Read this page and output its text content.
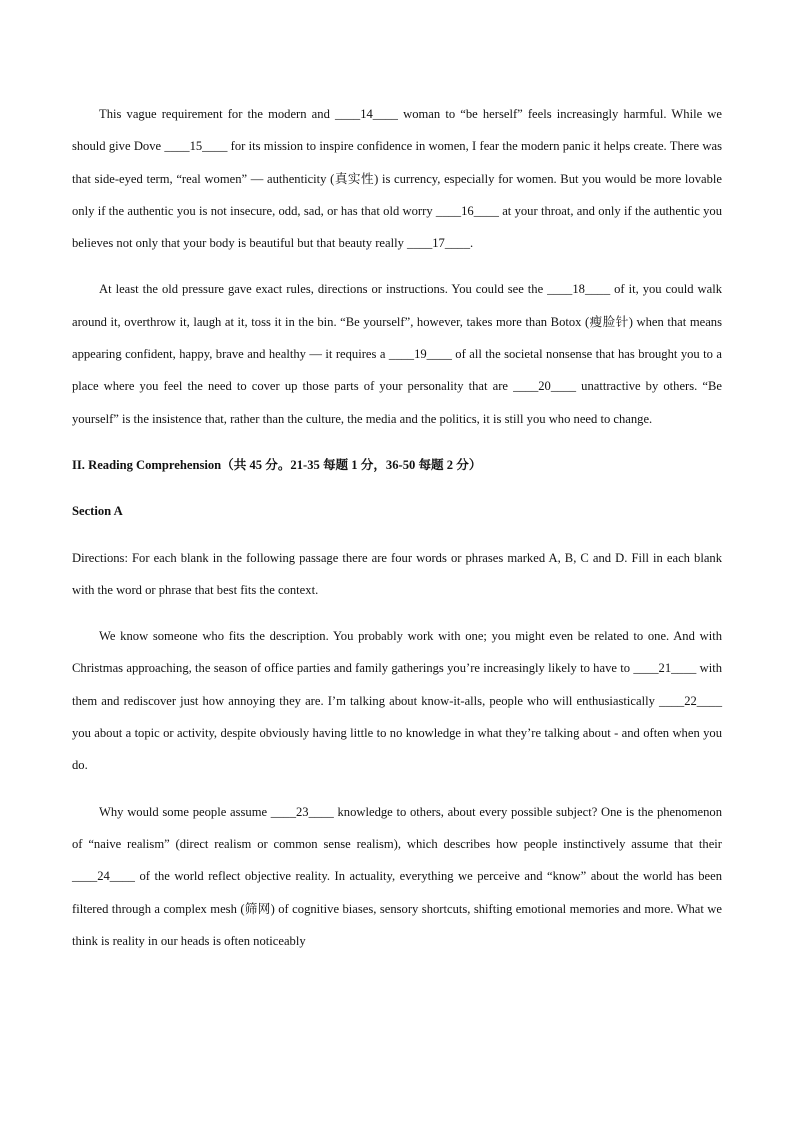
This vague requirement for the modern and ____14____ woman to “be herself” feels increasingly harmful. While we should give Dove ____15____ for its mission to inspire confidence in women, I fear the modern panic it helps create. There was that side-eyed term, “real women” — authenticity (真实性) is currency, especially for women. But you would be more lovable only if the authentic you is not insecure, odd, sad, or has that old worry ____16____ at your throat, and only if the authentic you believes not only that your body is beautiful but that beauty really ____17____.

At least the old pressure gave exact rules, directions or instructions. You could see the ____18____ of it, you could walk around it, overthrow it, laugh at it, toss it in the bin. “Be yourself”, however, takes more than Botox (瘦脸针) when that means appearing confident, happy, brave and healthy — it requires a ____19____ of all the societal nonsense that has brought you to a place where you feel the need to cover up those parts of your personality that are ____20____ unattractive by others. “Be yourself” is the insistence that, rather than the culture, the media and the politics, it is still you who need to change.

II. Reading Comprehension（共 45 分。21-35 每题 1 分，36-50 每题 2 分）

Section A

Directions: For each blank in the following passage there are four words or phrases marked A, B, C and D. Fill in each blank with the word or phrase that best fits the context.

We know someone who fits the description. You probably work with one; you might even be related to one. And with Christmas approaching, the season of office parties and family gatherings you’re increasingly likely to have to ____21____ with them and rediscover just how annoying they are. I’m talking about know-it-alls, people who will enthusiastically ____22____ you about a topic or activity, despite obviously having little to no knowledge in what they’re talking about - and often when you do.

Why would some people assume ____23____ knowledge to others, about every possible subject? One is the phenomenon of “naive realism” (direct realism or common sense realism), which describes how people instinctively assume that their ____24____ of the world reflect objective reality. In actuality, everything we perceive and “know” about the world has been filtered through a complex mesh (筛网) of cognitive biases, sensory shortcuts, shifting emotional memories and more. What we think is reality in our heads is often noticeably
